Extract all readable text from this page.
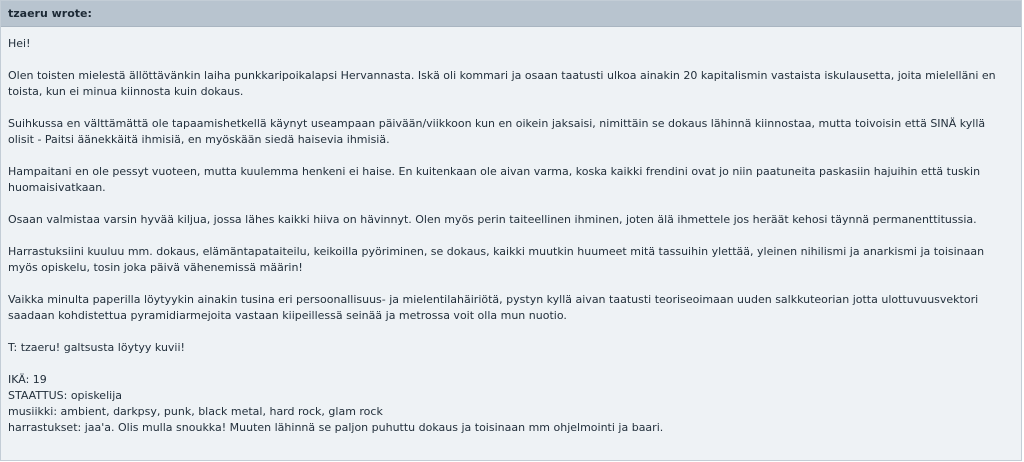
tzaeru wrote:

Hei!

Olen toisten mielestä ällöttävänkin laiha punkkaripoikalapsi Hervannasta. Iskä oli kommari ja osaan taatusti ulkoa ainakin 20 kapitalismin vastaista iskulausetta, joita mielelläni en toista, kun ei minua kiinnosta kuin dokaus.

Suihkussa en välttämättä ole tapaamishetkellä käynyt useampaan päivään/viikkoon kun en oikein jaksaisi, nimittäin se dokaus lähinnä kiinnostaa, mutta toivoisin että SINÄ kyllä olisit - Paitsi äänekkäitä ihmisiä, en myöskään siedä haisevia ihmisiä.

Hampaitani en ole pessyt vuoteen, mutta kuulemma henkeni ei haise. En kuitenkaan ole aivan varma, koska kaikki frendini ovat jo niin paatuneita paskasiin hajuihin että tuskin huomaisivatkaan.

Osaan valmistaa varsin hyvää kiljua, jossa lähes kaikki hiiva on hävinnyt. Olen myös perin taiteellinen ihminen, joten älä ihmettele jos heräät kehosi täynnä permanenttitussia.

Harrastuksiini kuuluu mm. dokaus, elämäntapataiteilu, keikoilla pyöriminen, se dokaus, kaikki muutkin huumeet mitä tassuihin ylettää, yleinen nihilismi ja anarkismi ja toisinaan myös opiskelu, tosin joka päivä vähenemissä määrin!

Vaikka minulta paperilla löytyykin ainakin tusina eri persoonallisuus- ja mielentilahäiriötä, pystyn kyllä aivan taatusti teoriseoimaan uuden salkkuteorian jotta ulottuvuusvektori saadaan kohdistettua pyramidiarmejoita vastaan kiipeillessä seinää ja metrossa voit olla mun nuotio.

T: tzaeru! galtsusta löytyy kuvii!

IKÄ: 19

STAATTUS: opiskelija

musiikki: ambient, darkpsy, punk, black metal, hard rock, glam rock

harrastukset: jaa'a. Olis mulla snoukka! Muuten lähinnä se paljon puhuttu dokaus ja toisinaan mm ohjelmointi ja baari.
